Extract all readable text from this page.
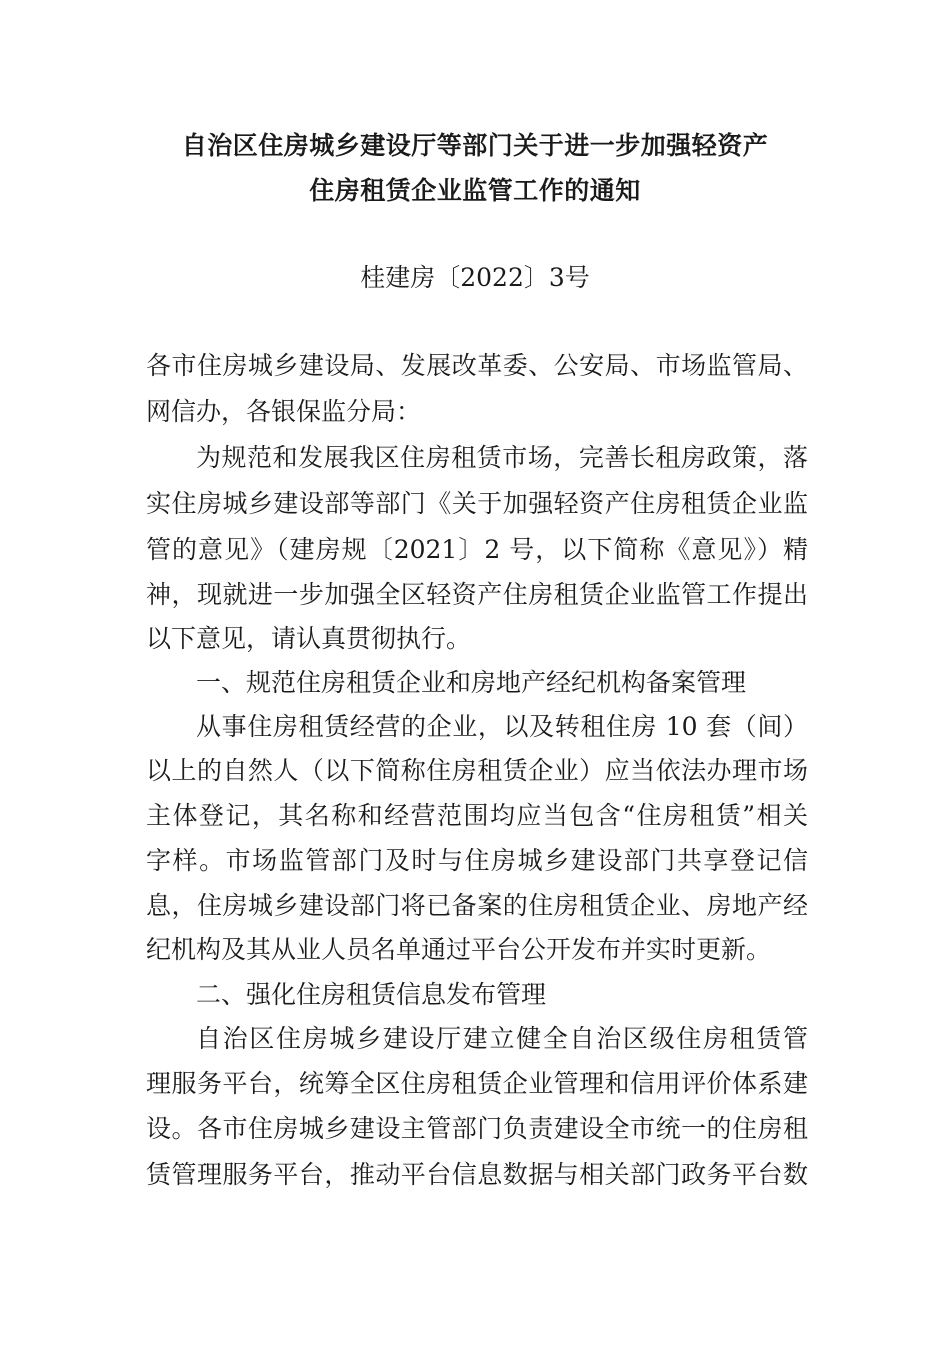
自治区住房城乡建设厅等部门关于进一步加强轻资产
住房租赁企业监管工作的通知
桂建房〔2022〕3号
各市住房城乡建设局、发展改革委、公安局、市场监管局、
网信办，各银保监分局：
为规范和发展我区住房租赁市场，完善长租房政策，落
实住房城乡建设部等部门《关于加强轻资产住房租赁企业监
管的意见》（建房规〔2021〕2 号，以下简称《意见》）精
神，现就进一步加强全区轻资产住房租赁企业监管工作提出
以下意见，请认真贯彻执行。
一、规范住房租赁企业和房地产经纪机构备案管理
从事住房租赁经营的企业，以及转租住房 10 套（间）
以上的自然人（以下简称住房租赁企业）应当依法办理市场
主体登记，其名称和经营范围均应当包含“住房租赁”相关
字样。市场监管部门及时与住房城乡建设部门共享登记信
息，住房城乡建设部门将已备案的住房租赁企业、房地产经
纪机构及其从业人员名单通过平台公开发布并实时更新。
二、强化住房租赁信息发布管理
自治区住房城乡建设厅建立健全自治区级住房租赁管
理服务平台，统筹全区住房租赁企业管理和信用评价体系建
设。各市住房城乡建设主管部门负责建设全市统一的住房租
赁管理服务平台，推动平台信息数据与相关部门政务平台数
